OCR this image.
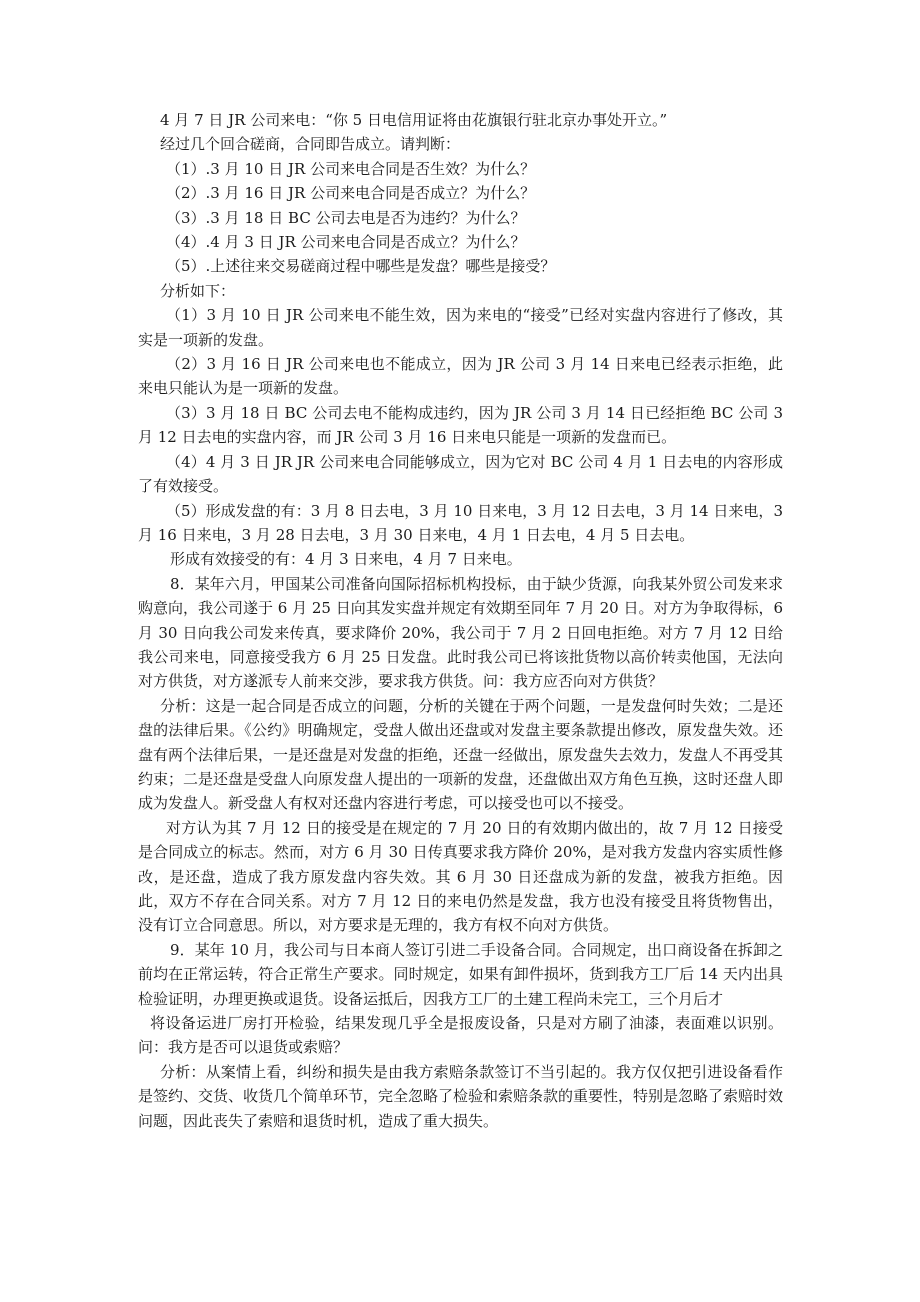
4 月 7 日 JR 公司来电：“你 5 日电信用证将由花旗银行驻北京办事处开立。”

经过几个回合磋商，合同即告成立。请判断：

（1）.3 月 10 日 JR 公司来电合同是否生效？为什么？

（2）.3 月 16 日 JR 公司来电合同是否成立？为什么？

（3）.3 月 18 日 BC 公司去电是否为违约？为什么？

（4）.4 月 3 日 JR 公司来电合同是否成立？为什么？

（5）.上述往来交易磋商过程中哪些是发盘？哪些是接受？

分析如下：

（1）3 月 10 日 JR 公司来电不能生效，因为来电的“接受”已经对实盘内容进行了修改，其实是一项新的发盘。

（2）3 月 16 日 JR 公司来电也不能成立，因为 JR 公司 3 月 14 日来电已经表示拒绝，此来电只能认为是一项新的发盘。

（3）3 月 18 日 BC 公司去电不能构成违约，因为 JR 公司 3 月 14 日已经拒绝 BC 公司 3 月 12 日去电的实盘内容，而 JR 公司 3 月 16 日来电只能是一项新的发盘而已。

（4）4 月 3 日 JR JR 公司来电合同能够成立，因为它对 BC 公司 4 月 1 日去电的内容形成了有效接受。

（5）形成发盘的有：3 月 8 日去电，3 月 10 日来电，3 月 12 日去电，3 月 14 日来电，3 月 16 日来电，3 月 28 日去电，3 月 30 日来电，4 月 1 日去电，4 月 5 日去电。

形成有效接受的有：4 月 3 日来电，4 月 7 日来电。

8．某年六月，甲国某公司准备向国际招标机构投标，由于缺少货源，向我某外贸公司发来求购意向，我公司遂于 6 月 25 日向其发实盘并规定有效期至同年 7 月 20 日。对方为争取得标，6 月 30 日向我公司发来传真，要求降价 20%，我公司于 7 月 2 日回电拒绝。对方 7 月 12 日给我公司来电，同意接受我方 6 月 25 日发盘。此时我公司已将该批货物以高价转卖他国，无法向对方供货，对方遂派专人前来交涉，要求我方供货。问：我方应否向对方供货？

分析：这是一起合同是否成立的问题，分析的关键在于两个问题，一是发盘何时失效；二是还盘的法律后果。《公约》明确规定，受盘人做出还盘或对发盘主要条款提出修改，原发盘失效。还盘有两个法律后果，一是还盘是对发盘的拒绝，还盘一经做出，原发盘失去效力，发盘人不再受其约束；二是还盘是受盘人向原发盘人提出的一项新的发盘，还盘做出双方角色互换，这时还盘人即成为发盘人。新受盘人有权对还盘内容进行考虑，可以接受也可以不接受。

对方认为其 7 月 12 日的接受是在规定的 7 月 20 日的有效期内做出的，故 7 月 12 日接受是合同成立的标志。然而，对方 6 月 30 日传真要求我方降价 20%，是对我方发盘内容实质性修改，是还盘，造成了我方原发盘内容失效。其 6 月 30 日还盘成为新的发盘，被我方拒绝。因此，双方不存在合同关系。对方 7 月 12 日的来电仍然是发盘，我方也没有接受且将货物售出，没有订立合同意思。所以，对方要求是无理的，我方有权不向对方供货。

9．某年 10 月，我公司与日本商人签订引进二手设备合同。合同规定，出口商设备在拆卸之前均在正常运转，符合正常生产要求。同时规定，如果有卸件损坏，货到我方工厂后 14 天内出具检验证明，办理更换或退货。设备运抵后，因我方工厂的土建工程尚未完工，三个月后才

将设备运进厂房打开检验，结果发现几乎全是报废设备，只是对方刷了油漆，表面难以识别。问：我方是否可以退货或索赔？

分析：从案情上看，纠纷和损失是由我方索赔条款签订不当引起的。我方仅仅把引进设备看作是签约、交货、收货几个简单环节，完全忽略了检验和索赔条款的重要性，特别是忽略了索赔时效问题，因此丧失了索赔和退货时机，造成了重大损失。
